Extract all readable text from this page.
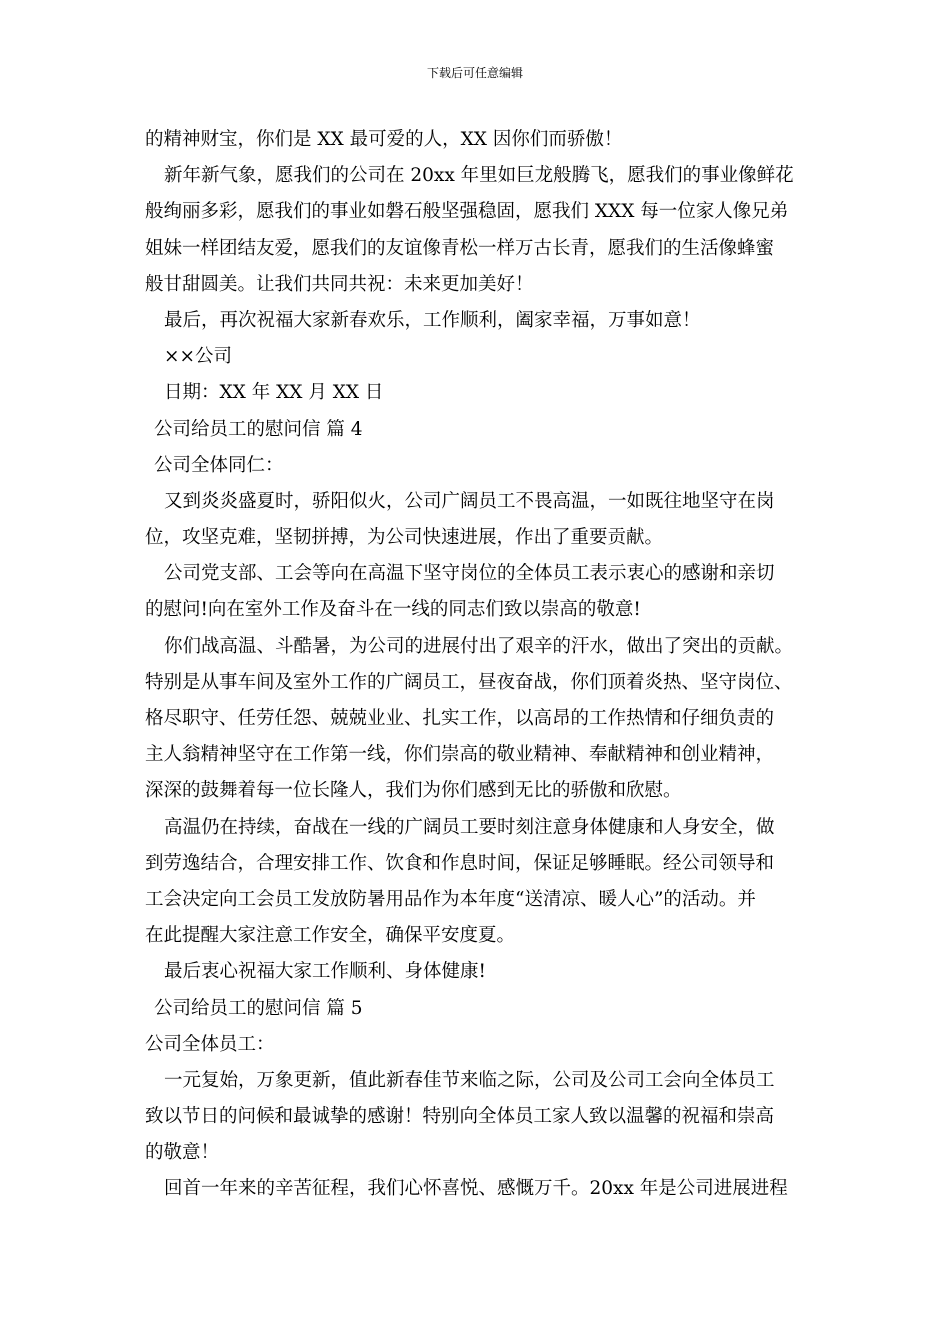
下载后可任意编辑
的精神财宝，你们是 XX 最可爱的人，XX 因你们而骄傲！
新年新气象，愿我们的公司在 20xx 年里如巨龙般腾飞，愿我们的事业像鲜花
般绚丽多彩，愿我们的事业如磐石般坚强稳固，愿我们 XXX 每一位家人像兄弟
姐妹一样团结友爱，愿我们的友谊像青松一样万古长青，愿我们的生活像蜂蜜
般甘甜圆美。让我们共同共祝：未来更加美好！
最后，再次祝福大家新春欢乐，工作顺利，阖家幸福，万事如意！
××公司
日期：XX 年 XX 月 XX 日
公司给员工的慰问信 篇 4
公司全体同仁：
又到炎炎盛夏时，骄阳似火，公司广阔员工不畏高温，一如既往地坚守在岗
位，攻坚克难，坚韧拼搏，为公司快速进展，作出了重要贡献。
公司党支部、工会等向在高温下坚守岗位的全体员工表示衷心的感谢和亲切
的慰问!向在室外工作及奋斗在一线的同志们致以崇高的敬意!
你们战高温、斗酷暑，为公司的进展付出了艰辛的汗水，做出了突出的贡献。
特别是从事车间及室外工作的广阔员工，昼夜奋战，你们顶着炎热、坚守岗位、
格尽职守、任劳任怨、兢兢业业、扎实工作，以高昂的工作热情和仔细负责的
主人翁精神坚守在工作第一线，你们崇高的敬业精神、奉献精神和创业精神，
深深的鼓舞着每一位长隆人，我们为你们感到无比的骄傲和欣慰。
高温仍在持续，奋战在一线的广阔员工要时刻注意身体健康和人身安全，做
到劳逸结合，合理安排工作、饮食和作息时间，保证足够睡眠。经公司领导和
工会决定向工会员工发放防暑用品作为本年度“送清凉、暖人心”的活动。并
在此提醒大家注意工作安全，确保平安度夏。
最后衷心祝福大家工作顺利、身体健康!
公司给员工的慰问信 篇 5
公司全体员工：
一元复始，万象更新，值此新春佳节来临之际，公司及公司工会向全体员工
致以节日的问候和最诚挚的感谢！特别向全体员工家人致以温馨的祝福和崇高
的敬意！
回首一年来的辛苦征程，我们心怀喜悦、感慨万千。20xx 年是公司进展进程
